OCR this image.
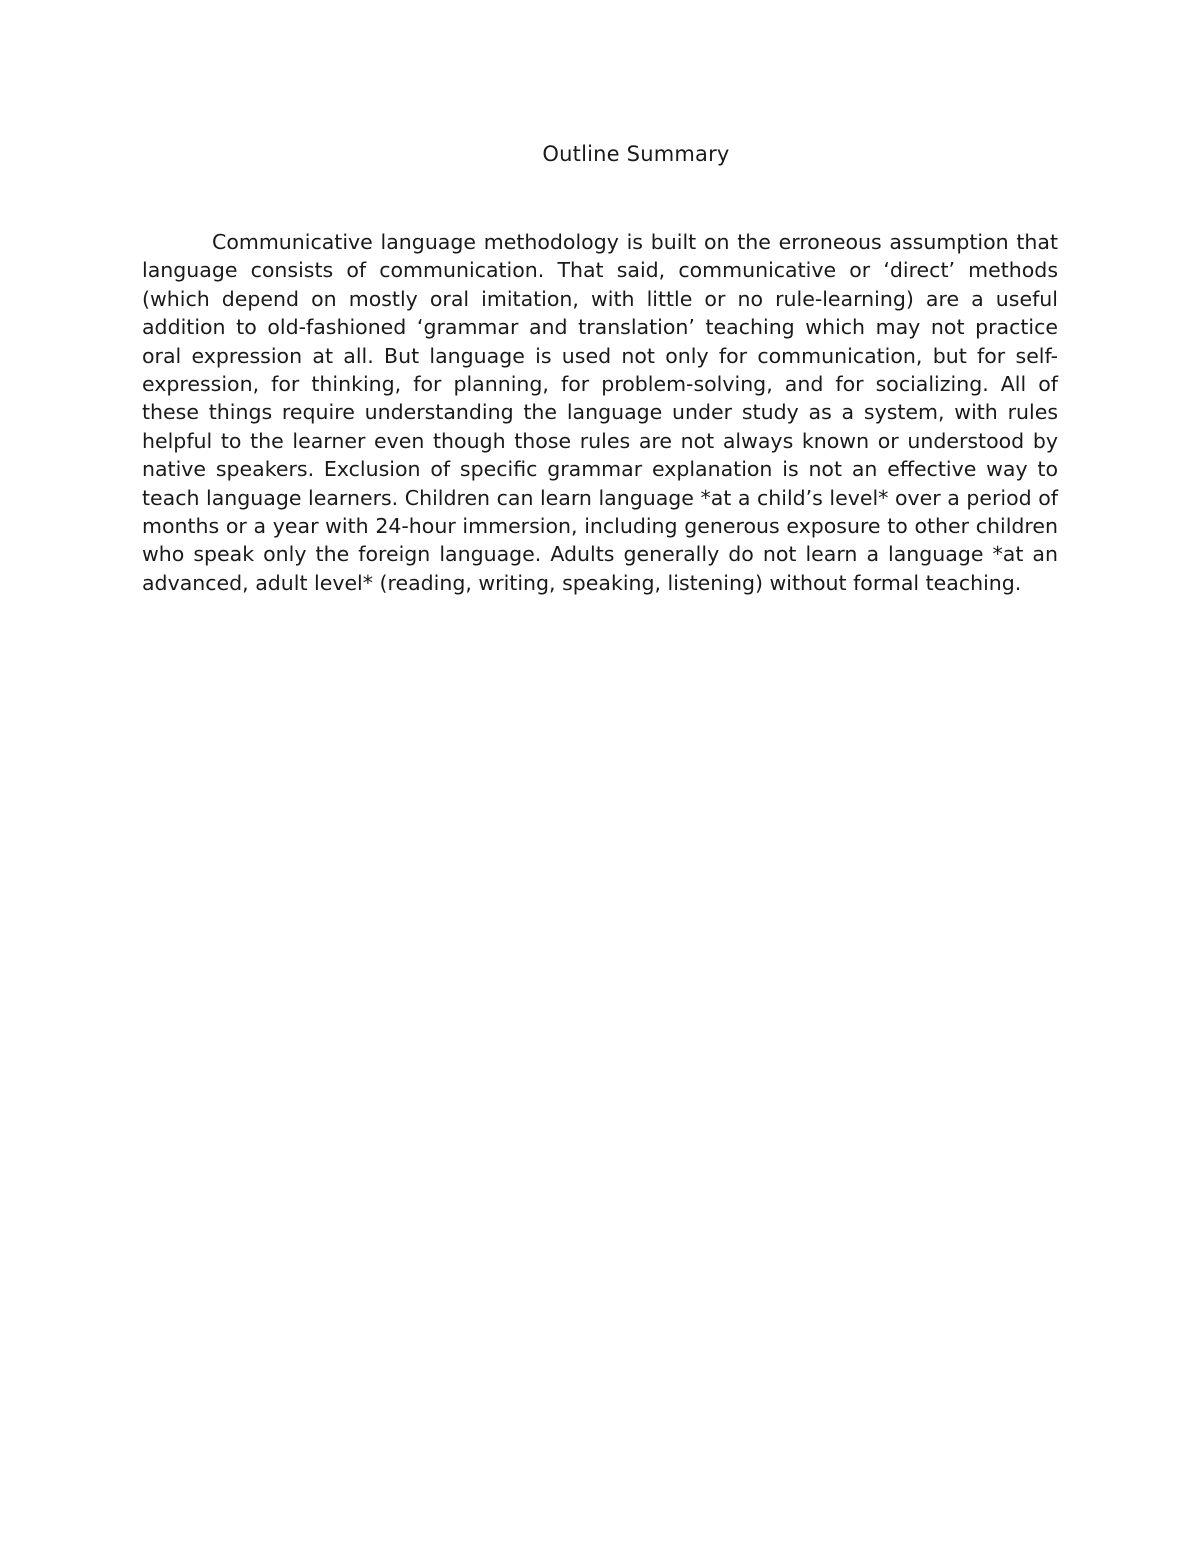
Outline Summary

Communicative language methodology is built on the erroneous assumption that language consists of communication. That said, communicative or ‘direct’ methods (which depend on mostly oral imitation, with little or no rule-learning) are a useful addition to old-fashioned ‘grammar and translation’ teaching which may not practice oral expression at all. But language is used not only for communication, but for self-expression, for thinking, for planning, for problem-solving, and for socializing. All of these things require understanding the language under study as a system, with rules helpful to the learner even though those rules are not always known or understood by native speakers. Exclusion of specific grammar explanation is not an effective way to teach language learners. Children can learn language *at a child’s level* over a period of months or a year with 24-hour immersion, including generous exposure to other children who speak only the foreign language. Adults generally do not learn a language *at an advanced, adult level* (reading, writing, speaking, listening) without formal teaching.
